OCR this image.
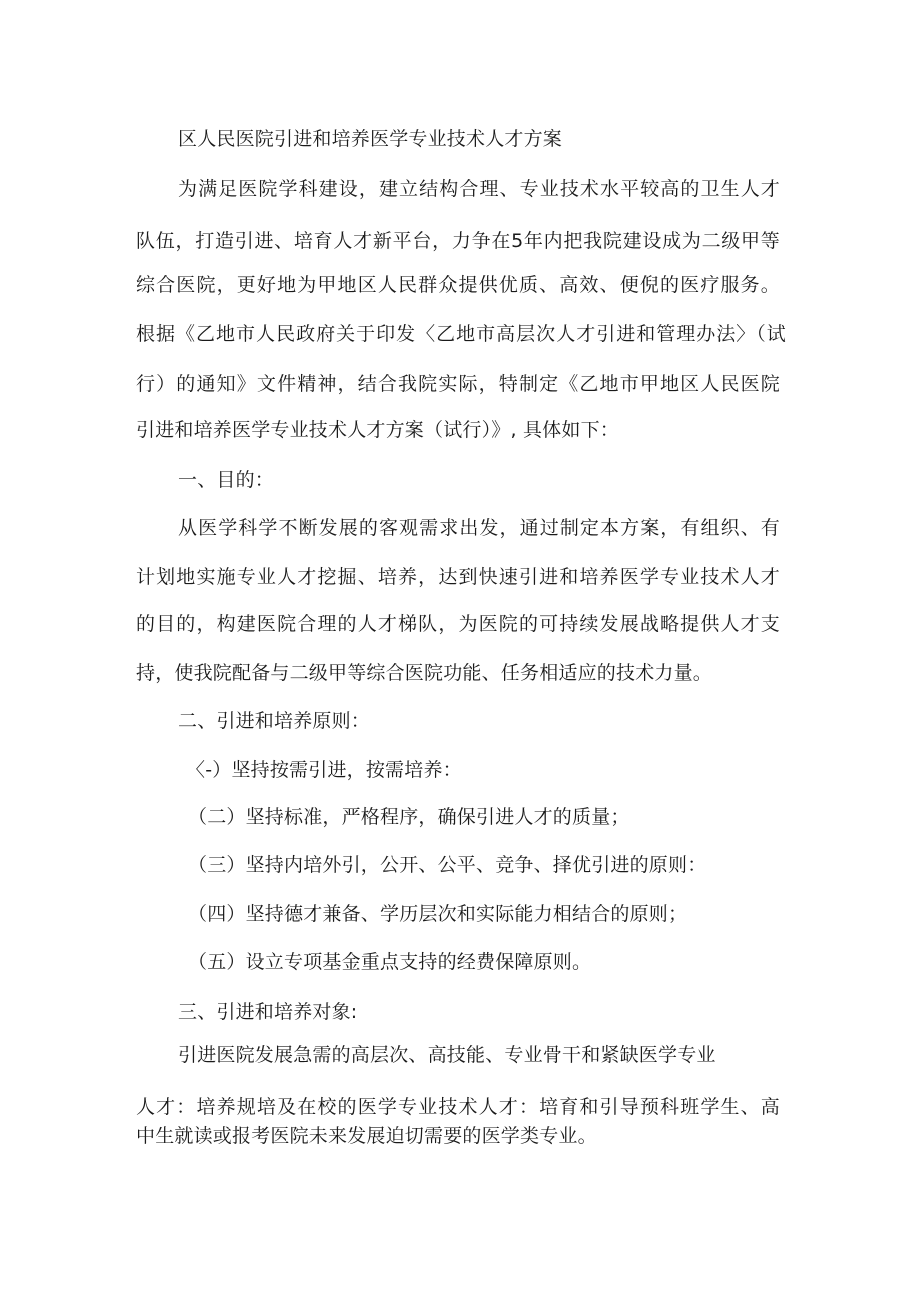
区人民医院引进和培养医学专业技术人才方案
为满足医院学科建设，建立结构合理、专业技术水平较高的卫生人才
队伍，打造引进、培育人才新平台，力争在5年内把我院建设成为二级甲等
综合医院，更好地为甲地区人民群众提供优质、高效、便倪的医疗服务。
根据《乙地市人民政府关于印发〈乙地市高层次人才引进和管理办法〉（试
行）的通知》文件精神，结合我院实际，特制定《乙地市甲地区人民医院
引进和培养医学专业技术人才方案（试行）》, 具体如下：
一、目的：
从医学科学不断发展的客观需求出发，通过制定本方案，有组织、有
计划地实施专业人才挖掘、培养，达到快速引进和培养医学专业技术人才
的目的，构建医院合理的人才梯队，为医院的可持续发展战略提供人才支
持，使我院配备与二级甲等综合医院功能、任务相适应的技术力量。
二、引进和培养原则：
〈-）坚持按需引进，按需培养：
（二）坚持标准，严格程序，确保引进人才的质量；
（三）坚持内培外引，公开、公平、竞争、择优引进的原则：
（四）坚持德才兼备、学历层次和实际能力相结合的原则；
（五）设立专项基金重点支持的经费保障原则。
三、引进和培养对象:
引进医院发展急需的高层次、高技能、专业骨干和紧缺医学专业
人才：培养规培及在校的医学专业技术人才：培育和引导预科班学生、高
中生就读或报考医院未来发展迫切需要的医学类专业。
